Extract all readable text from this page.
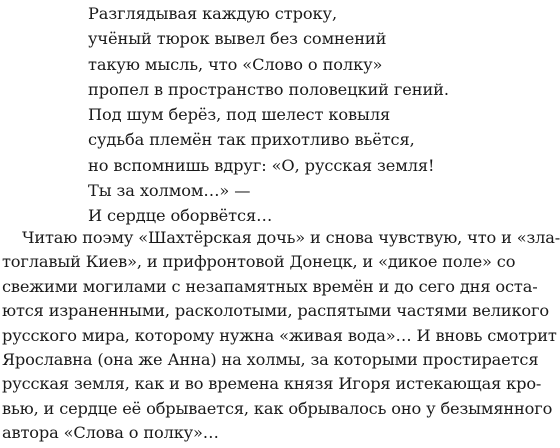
Разглядывая каждую строку,
учёный тюрок вывел без сомнений
такую мысль, что «Слово о полку»
пропел в пространство половецкий гений.
Под шум берёз, под шелест ковыля
судьба племён так прихотливо вьётся,
но вспомнишь вдруг: «О, русская земля!
Ты за холмом…» —
И сердце оборвётся…
Читаю поэму «Шахтёрская дочь» и снова чувствую, что и «зла-
тоглавый Киев», и прифронтовой Донецк, и «дикое поле» со
свежими могилами с незапамятных времён и до сего дня оста-
ются израненными, расколотыми, распятыми частями великого
русского мира, которому нужна «живая вода»… И вновь смотрит
Ярославна (она же Анна) на холмы, за которыми простирается
русская земля, как и во времена князя Игоря истекающая кро-
вью, и сердце её обрывается, как обрывалось оно у безымянного
автора «Слова о полку»…
